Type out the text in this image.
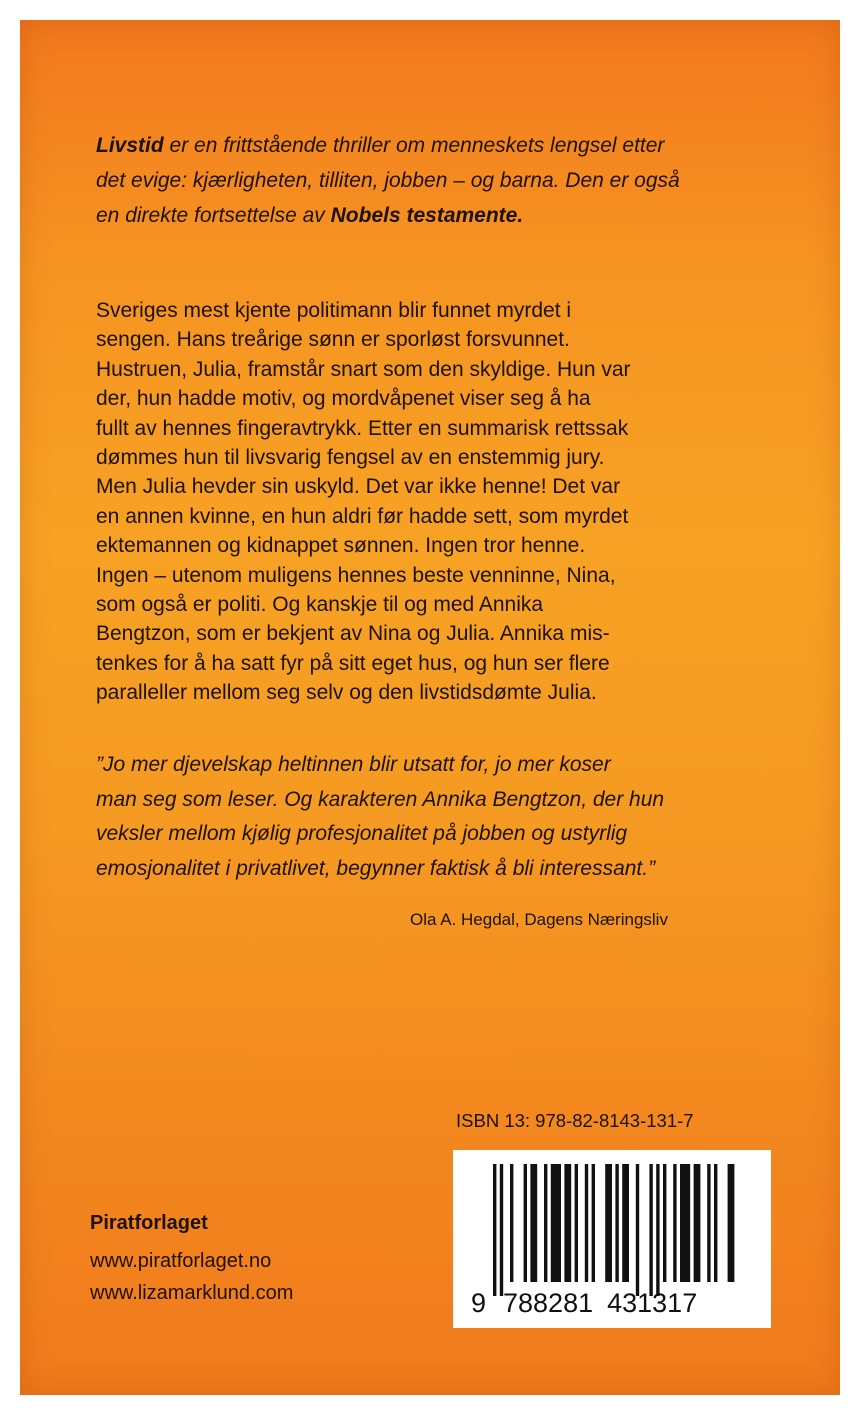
Livstid er en frittstående thriller om menneskets lengsel etter
det evige: kjærligheten, tilliten, jobben – og barna. Den er også
en direkte fortsettelse av Nobels testamente.

Sveriges mest kjente politimann blir funnet myrdet i
sengen. Hans treårige sønn er sporløst forsvunnet.
Hustruen, Julia, framstår snart som den skyldige. Hun var
der, hun hadde motiv, og mordvåpenet viser seg å ha
fullt av hennes fingeravtrykk. Etter en summarisk rettssak
dømmes hun til livsvarig fengsel av en enstemmig jury.
Men Julia hevder sin uskyld. Det var ikke henne! Det var
en annen kvinne, en hun aldri før hadde sett, som myrdet
ektemannen og kidnappet sønnen. Ingen tror henne.
Ingen – utenom muligens hennes beste venninne, Nina,
som også er politi. Og kanskje til og med Annika
Bengtzon, som er bekjent av Nina og Julia. Annika mis-
tenkes for å ha satt fyr på sitt eget hus, og hun ser flere
paralleller mellom seg selv og den livstidsdømte Julia.

”Jo mer djevelskap heltinnen blir utsatt for, jo mer koser
man seg som leser. Og karakteren Annika Bengtzon, der hun
veksler mellom kjølig profesjonalitet på jobben og ustyrlig
emosjonalitet i privatlivet, begynner faktisk å bli interessant.”

Ola A. Hegdal, Dagens Næringsliv

ISBN 13: 978-82-8143-131-7

9 788281 431317

Piratforlaget

www.piratforlaget.no

www.lizamarklund.com
